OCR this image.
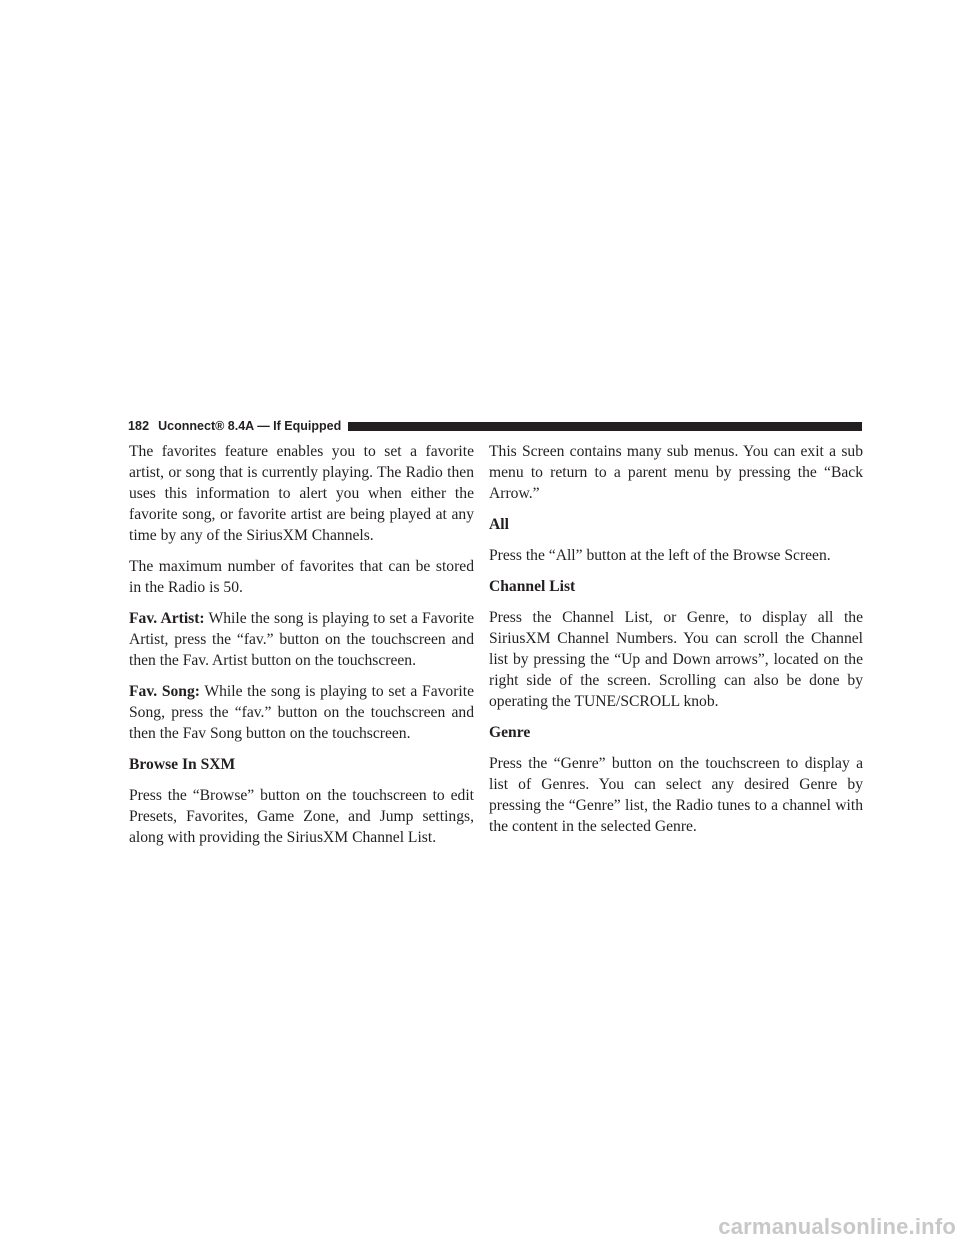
182 Uconnect® 8.4A — If Equipped

The favorites feature enables you to set a favorite artist, or song that is currently playing. The Radio then uses this information to alert you when either the favorite song, or favorite artist are being played at any time by any of the SiriusXM Channels.

The maximum number of favorites that can be stored in the Radio is 50.

Fav. Artist: While the song is playing to set a Favorite Artist, press the “fav.” button on the touchscreen and then the Fav. Artist button on the touchscreen.

Fav. Song: While the song is playing to set a Favorite Song, press the “fav.” button on the touchscreen and then the Fav Song button on the touchscreen.

Browse In SXM

Press the “Browse” button on the touchscreen to edit Presets, Favorites, Game Zone, and Jump settings, along with providing the SiriusXM Channel List.

This Screen contains many sub menus. You can exit a sub menu to return to a parent menu by pressing the “Back Arrow.”

All

Press the “All” button at the left of the Browse Screen.

Channel List

Press the Channel List, or Genre, to display all the SiriusXM Channel Numbers. You can scroll the Channel list by pressing the “Up and Down arrows”, located on the right side of the screen. Scrolling can also be done by operating the TUNE/SCROLL knob.

Genre

Press the “Genre” button on the touchscreen to display a list of Genres. You can select any desired Genre by pressing the “Genre” list, the Radio tunes to a channel with the content in the selected Genre.

carmanualsonline.info
